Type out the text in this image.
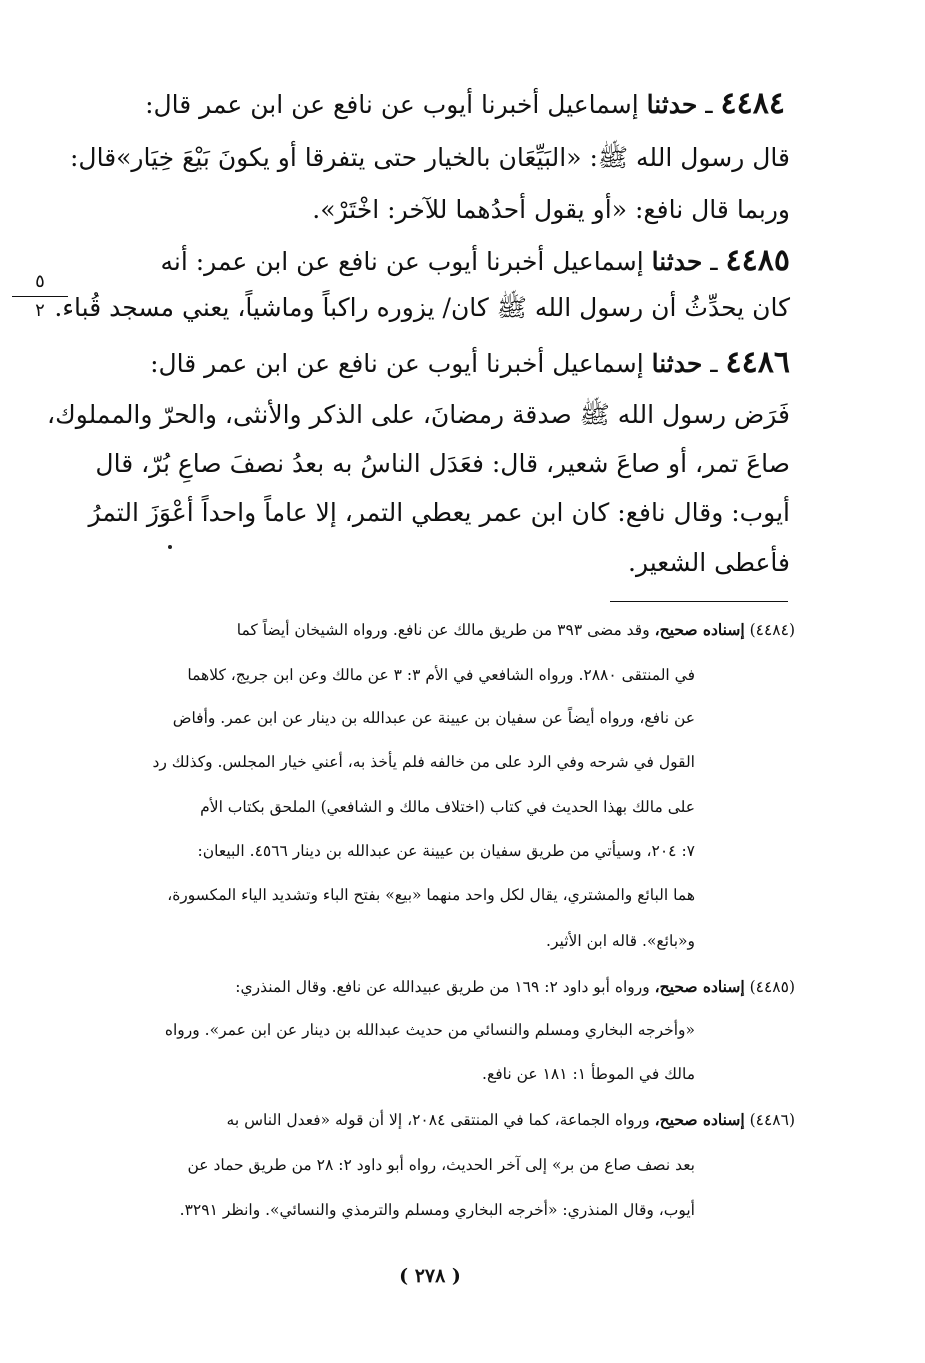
٤٤٨٤ ـ حدثنا إسماعيل أخبرنا أيوب عن نافع عن ابن عمر قال:
قال رسول الله ﷺ: «البَيِّعَان بالخيار حتى يتفرقا أو يكونَ بَيْعَ خِيَار»قال:
وربما قال نافع: «أو يقول أحدُهما للآخر: اخْتَرْ».
٤٤٨٥ ـ حدثنا إسماعيل أخبرنا أيوب عن نافع عن ابن عمر: أنه
كان يحدِّثُ أن رسول الله ﷺ كان/ يزوره راكباً وماشياً، يعني مسجد قُباء.
٥
٢
٤٤٨٦ ـ حدثنا إسماعيل أخبرنا أيوب عن نافع عن ابن عمر قال:
فَرَض رسول الله ﷺ صدقة رمضانَ، على الذكر والأنثى، والحرّ والمملوك،
صاعَ تمر، أو صاعَ شعير، قال: فعَدَل الناسُ به بعدُ نصفَ صاعِ بُرّ، قال
أيوب: وقال نافع: كان ابن عمر يعطي التمر، إلا عاماً واحداً أعْوَزَ التمرُ
فأعطى الشعير.
(٤٤٨٤) إسناده صحيح، وقد مضى ٣٩٣ من طريق مالك عن نافع. ورواه الشيخان أيضاً كما
في المنتقى ٢٨٨٠. ورواه الشافعي في الأم ٣: ٣ عن مالك وعن ابن جريج، كلاهما
عن نافع، ورواه أيضاً عن سفيان بن عيينة عن عبدالله بن دينار عن ابن عمر. وأفاض
القول في شرحه وفي الرد على من خالفه فلم يأخذ به، أعني خيار المجلس. وكذلك رد
على مالك بهذا الحديث في كتاب (اختلاف مالك و الشافعي) الملحق بكتاب الأم
٧: ٢٠٤، وسيأتي من طريق سفيان بن عيينة عن عبدالله بن دينار ٤٥٦٦. البيعان:
هما البائع والمشتري، يقال لكل واحد منهما «بيع» بفتح الباء وتشديد الياء المكسورة،
و«بائع». قاله ابن الأثير.
(٤٤٨٥) إسناده صحيح، ورواه أبو داود ٢: ١٦٩ من طريق عبيدالله عن نافع. وقال المنذري:
«وأخرجه البخاري ومسلم والنسائي من حديث عبدالله بن دينار عن ابن عمر». ورواه
مالك في الموطأ ١: ١٨١ عن نافع.
(٤٤٨٦) إسناده صحيح، ورواه الجماعة، كما في المنتقى ٢٠٨٤، إلا أن قوله «فعدل الناس به
بعد نصف صاع من بر» إلى آخر الحديث، رواه أبو داود ٢: ٢٨ من طريق حماد عن
أيوب، وقال المنذري: «أخرجه البخاري ومسلم والترمذي والنسائي». وانظر ٣٢٩١.
( ٢٧٨ )
